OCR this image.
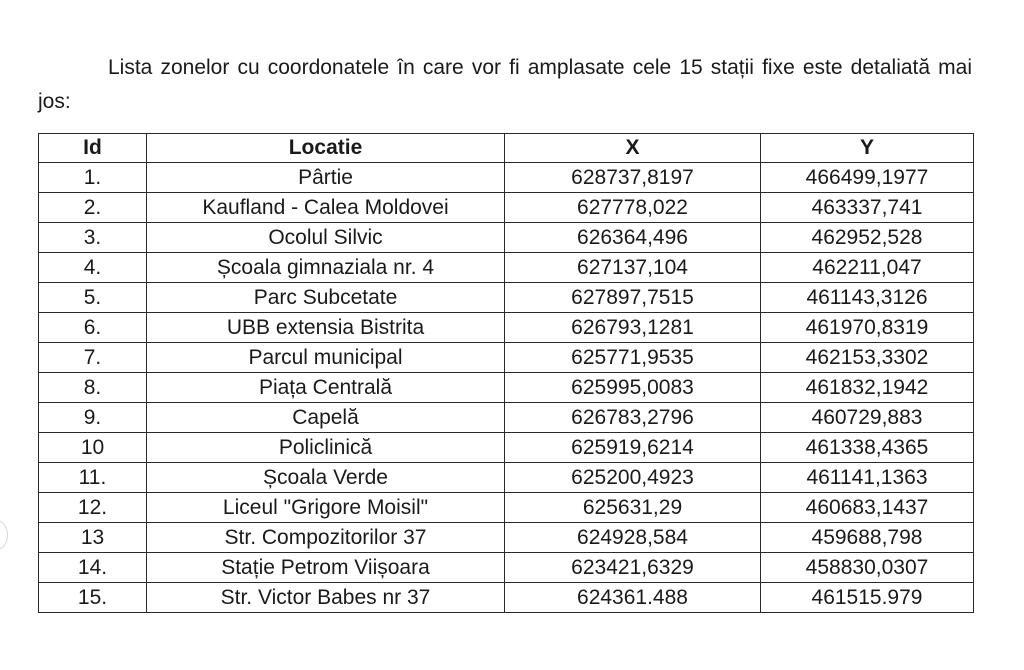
Lista zonelor cu coordonatele în care vor fi amplasate cele 15 stații fixe este detaliată mai jos:

Id	Locatie	X	Y
1.	Pârtie	628737,8197	466499,1977
2.	Kaufland - Calea Moldovei	627778,022	463337,741
3.	Ocolul Silvic	626364,496	462952,528
4.	Școala gimnaziala nr. 4	627137,104	462211,047
5.	Parc Subcetate	627897,7515	461143,3126
6.	UBB extensia Bistrita	626793,1281	461970,8319
7.	Parcul municipal	625771,9535	462153,3302
8.	Piața Centrală	625995,0083	461832,1942
9.	Capelă	626783,2796	460729,883
10	Policlinică	625919,6214	461338,4365
11.	Școala Verde	625200,4923	461141,1363
12.	Liceul "Grigore Moisil"	625631,29	460683,1437
13	Str. Compozitorilor 37	624928,584	459688,798
14.	Stație Petrom Viișoara	623421,6329	458830,0307
15.	Str. Victor Babes nr 37	624361.488	461515.979
